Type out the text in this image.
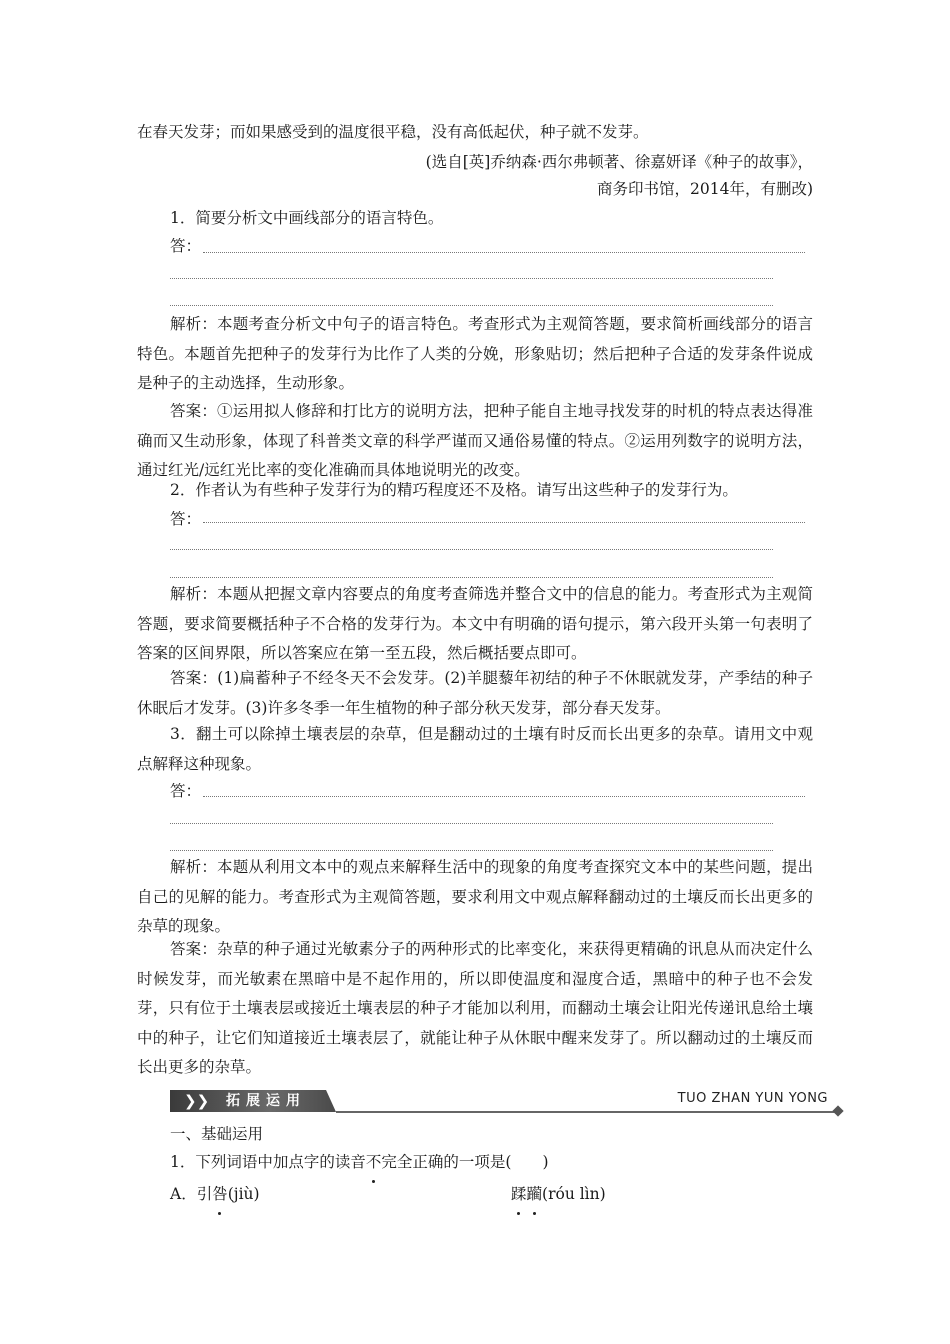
在春天发芽；而如果感受到的温度很平稳，没有高低起伏，种子就不发芽。

(选自[英]乔纳森·西尔弗顿著、徐嘉妍译《种子的故事》，

商务印书馆，2014年，有删改)

1．简要分析文中画线部分的语言特色。

答：

解析：本题考查分析文中句子的语言特色。考查形式为主观简答题，要求简析画线部分的语言特色。本题首先把种子的发芽行为比作了人类的分娩，形象贴切；然后把种子合适的发芽条件说成是种子的主动选择，生动形象。

答案：①运用拟人修辞和打比方的说明方法，把种子能自主地寻找发芽的时机的特点表达得准确而又生动形象，体现了科普类文章的科学严谨而又通俗易懂的特点。②运用列数字的说明方法，通过红光/远红光比率的变化准确而具体地说明光的改变。

2．作者认为有些种子发芽行为的精巧程度还不及格。请写出这些种子的发芽行为。

答：

解析：本题从把握文章内容要点的角度考查筛选并整合文中的信息的能力。考查形式为主观简答题，要求简要概括种子不合格的发芽行为。本文中有明确的语句提示，第六段开头第一句表明了答案的区间界限，所以答案应在第一至五段，然后概括要点即可。

答案：(1)扁蓄种子不经冬天不会发芽。(2)羊腿藜年初结的种子不休眠就发芽，产季结的种子休眠后才发芽。(3)许多冬季一年生植物的种子部分秋天发芽，部分春天发芽。

3．翻土可以除掉土壤表层的杂草，但是翻动过的土壤有时反而长出更多的杂草。请用文中观点解释这种现象。

答：

解析：本题从利用文本中的观点来解释生活中的现象的角度考查探究文本中的某些问题，提出自己的见解的能力。考查形式为主观简答题，要求利用文中观点解释翻动过的土壤反而长出更多的杂草的现象。

答案：杂草的种子通过光敏素分子的两种形式的比率变化，来获得更精确的讯息从而决定什么时候发芽，而光敏素在黑暗中是不起作用的，所以即使温度和湿度合适，黑暗中的种子也不会发芽，只有位于土壤表层或接近土壤表层的种子才能加以利用，而翻动土壤会让阳光传递讯息给土壤中的种子，让它们知道接近土壤表层了，就能让种子从休眠中醒来发芽了。所以翻动过的土壤反而长出更多的杂草。

❯❯ 拓展运用	TUO ZHAN YUN YONG

一、基础运用

1．下列词语中加点字的读音不完全正确的一项是(　　)

A．引咎(jiù)	蹂躏(róu lìn)
